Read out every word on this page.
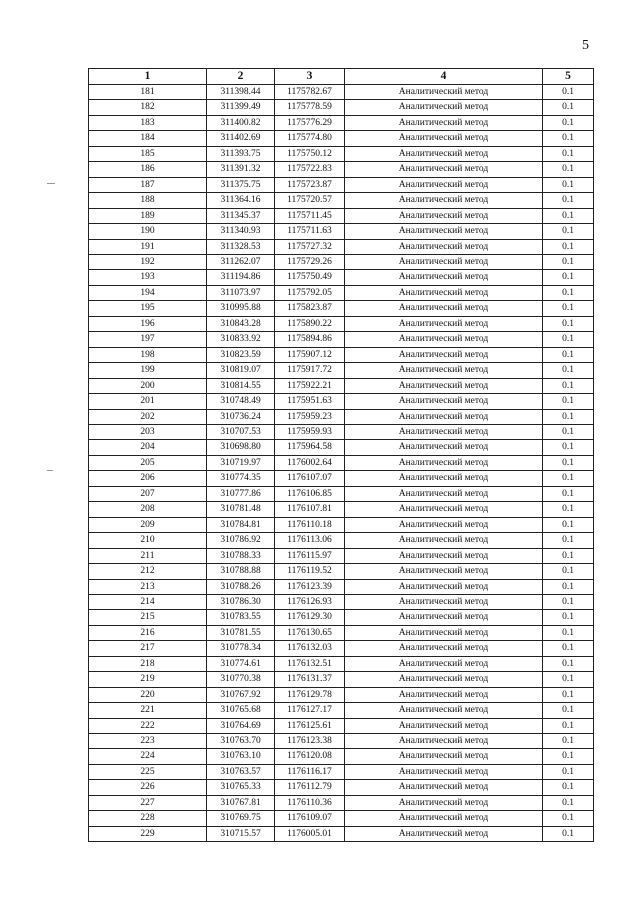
5
1	2	3	4	5
181	311398.44	1175782.67	Аналитический метод	0.1
182	311399.49	1175778.59	Аналитический метод	0.1
183	311400.82	1175776.29	Аналитический метод	0.1
184	311402.69	1175774.80	Аналитический метод	0.1
185	311393.75	1175750.12	Аналитический метод	0.1
186	311391.32	1175722.83	Аналитический метод	0.1
187	311375.75	1175723.87	Аналитический метод	0.1
188	311364.16	1175720.57	Аналитический метод	0.1
189	311345.37	1175711.45	Аналитический метод	0.1
190	311340.93	1175711.63	Аналитический метод	0.1
191	311328.53	1175727.32	Аналитический метод	0.1
192	311262.07	1175729.26	Аналитический метод	0.1
193	311194.86	1175750.49	Аналитический метод	0.1
194	311073.97	1175792.05	Аналитический метод	0.1
195	310995.88	1175823.87	Аналитический метод	0.1
196	310843.28	1175890.22	Аналитический метод	0.1
197	310833.92	1175894.86	Аналитический метод	0.1
198	310823.59	1175907.12	Аналитический метод	0.1
199	310819.07	1175917.72	Аналитический метод	0.1
200	310814.55	1175922.21	Аналитический метод	0.1
201	310748.49	1175951.63	Аналитический метод	0.1
202	310736.24	1175959.23	Аналитический метод	0.1
203	310707.53	1175959.93	Аналитический метод	0.1
204	310698.80	1175964.58	Аналитический метод	0.1
205	310719.97	1176002.64	Аналитический метод	0.1
206	310774.35	1176107.07	Аналитический метод	0.1
207	310777.86	1176106.85	Аналитический метод	0.1
208	310781.48	1176107.81	Аналитический метод	0.1
209	310784.81	1176110.18	Аналитический метод	0.1
210	310786.92	1176113.06	Аналитический метод	0.1
211	310788.33	1176115.97	Аналитический метод	0.1
212	310788.88	1176119.52	Аналитический метод	0.1
213	310788.26	1176123.39	Аналитический метод	0.1
214	310786.30	1176126.93	Аналитический метод	0.1
215	310783.55	1176129.30	Аналитический метод	0.1
216	310781.55	1176130.65	Аналитический метод	0.1
217	310778.34	1176132.03	Аналитический метод	0.1
218	310774.61	1176132.51	Аналитический метод	0.1
219	310770.38	1176131.37	Аналитический метод	0.1
220	310767.92	1176129.78	Аналитический метод	0.1
221	310765.68	1176127.17	Аналитический метод	0.1
222	310764.69	1176125.61	Аналитический метод	0.1
223	310763.70	1176123.38	Аналитический метод	0.1
224	310763.10	1176120.08	Аналитический метод	0.1
225	310763.57	1176116.17	Аналитический метод	0.1
226	310765.33	1176112.79	Аналитический метод	0.1
227	310767.81	1176110.36	Аналитический метод	0.1
228	310769.75	1176109.07	Аналитический метод	0.1
229	310715.57	1176005.01	Аналитический метод	0.1
